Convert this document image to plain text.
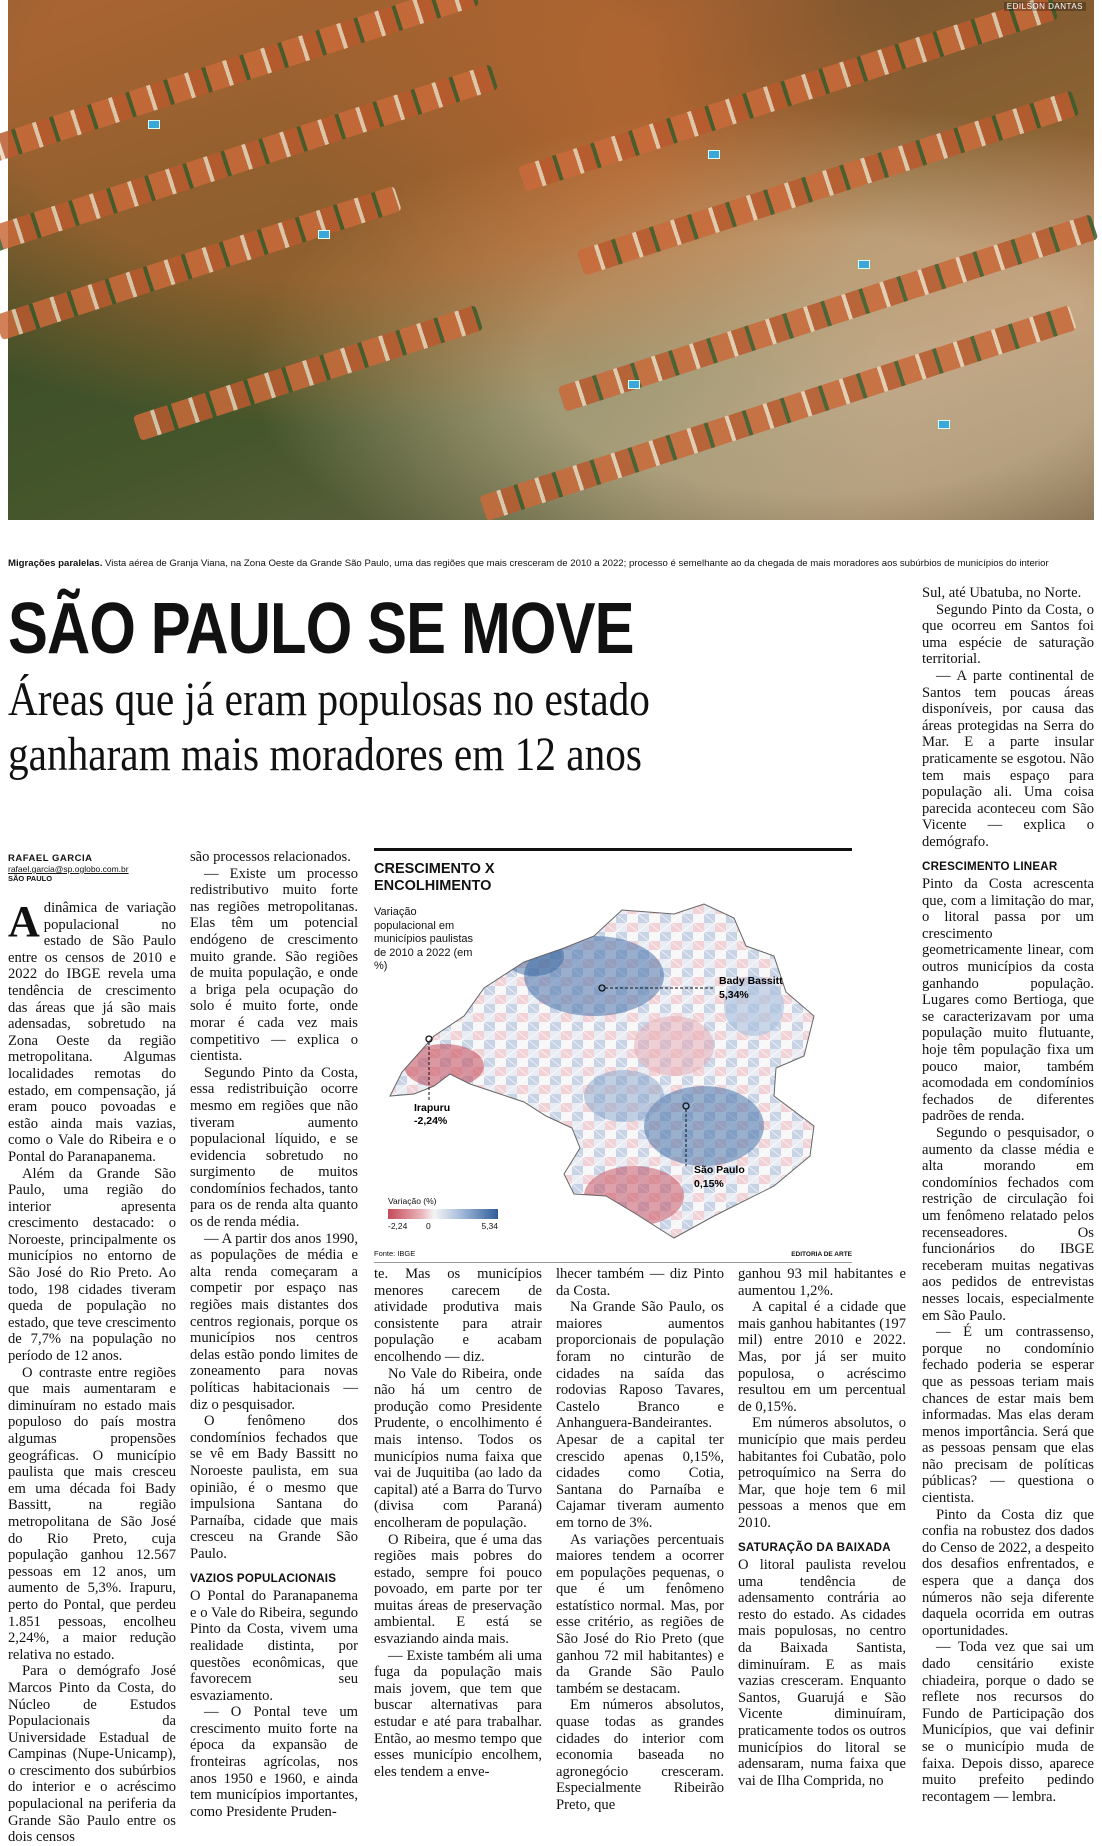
EDILSON DANTAS
Migrações paralelas. Vista aérea de Granja Viana, na Zona Oeste da Grande São Paulo, uma das regiões que mais cresceram de 2010 a 2022; processo é semelhante ao da chegada de mais moradores aos subúrbios de municípios do interior
SÃO PAULO SE MOVE
Áreas que já eram populosas no estado ganharam mais moradores em 12 anos
RAFAEL GARCIA
rafael.garcia@sp.oglobo.com.br
SÃO PAULO

Adinâmica de variação populacional no estado de São Paulo entre os censos de 2010 e 2022 do IBGE revela uma tendência de crescimento das áreas que já são mais adensadas, sobretudo na Zona Oeste da região metropolitana. Algumas localidades remotas do estado, em compensação, já eram pouco povoadas e estão ainda mais vazias, como o Vale do Ribeira e o Pontal do Paranapanema.

Além da Grande São Paulo, uma região do interior apresenta crescimento destacado: o Noroeste, principalmente os municípios no entorno de São José do Rio Preto. Ao todo, 198 cidades tiveram queda de população no estado, que teve crescimento de 7,7% na população no período de 12 anos.

O contraste entre regiões que mais aumentaram e diminuíram no estado mais populoso do país mostra algumas propensões geográficas. O município paulista que mais cresceu em uma década foi Bady Bassitt, na região metropolitana de São José do Rio Preto, cuja população ganhou 12.567 pessoas em 12 anos, um aumento de 5,3%. Irapuru, perto do Pontal, que perdeu 1.851 pessoas, encolheu 2,24%, a maior redução relativa no estado.

Para o demógrafo José Marcos Pinto da Costa, do Núcleo de Estudos Populacionais da Universidade Estadual de Campinas (Nupe-Unicamp), o crescimento dos subúrbios do interior e o acréscimo populacional na periferia da Grande São Paulo entre os dois censos

são processos relacionados.

— Existe um processo redistributivo muito forte nas regiões metropolitanas. Elas têm um potencial endógeno de crescimento muito grande. São regiões de muita população, e onde a briga pela ocupação do solo é muito forte, onde morar é cada vez mais competitivo — explica o cientista.

Segundo Pinto da Costa, essa redistribuição ocorre mesmo em regiões que não tiveram aumento populacional líquido, e se evidencia sobretudo no surgimento de muitos condomínios fechados, tanto para os de renda alta quanto os de renda média.

— A partir dos anos 1990, as populações de média e alta renda começaram a competir por espaço nas regiões mais distantes dos centros regionais, porque os municípios nos centros delas estão pondo limites de zoneamento para novas políticas habitacionais — diz o pesquisador.

O fenômeno dos condomínios fechados que se vê em Bady Bassitt no Noroeste paulista, em sua opinião, é o mesmo que impulsiona Santana do Parnaíba, cidade que mais cresceu na Grande São Paulo.

VAZIOS POPULACIONAIS

O Pontal do Paranapanema e o Vale do Ribeira, segundo Pinto da Costa, vivem uma realidade distinta, por questões econômicas, que favorecem seu esvaziamento.

— O Pontal teve um crescimento muito forte na época da expansão de fronteiras agrícolas, nos anos 1950 e 1960, e ainda tem municípios importantes, como Presidente Pruden-

CRESCIMENTO X ENCOLHIMENTO
Variação populacional em municípios paulistas de 2010 a 2022 (em %)
Bady Bassitt
5,34%
Irapuru
-2,24%
São Paulo
0,15%
Variação (%)
-2,24 0	5,34
Fonte: IBGE	EDITORIA DE ARTE

te. Mas os municípios menores carecem de atividade produtiva mais consistente para atrair população e acabam encolhendo — diz.

No Vale do Ribeira, onde não há um centro de produção como Presidente Prudente, o encolhimento é mais intenso. Todos os municípios numa faixa que vai de Juquitiba (ao lado da capital) até a Barra do Turvo (divisa com Paraná) encolheram de população.

O Ribeira, que é uma das regiões mais pobres do estado, sempre foi pouco povoado, em parte por ter muitas áreas de preservação ambiental. E está se esvaziando ainda mais.

— Existe também ali uma fuga da população mais mais jovem, que tem que buscar alternativas para estudar e até para trabalhar. Então, ao mesmo tempo que esses município encolhem, eles tendem a enve-

lhecer também — diz Pinto da Costa.

Na Grande São Paulo, os maiores aumentos proporcionais de população foram no cinturão de cidades na saída das rodovias Raposo Tavares, Castelo Branco e Anhanguera-Bandeirantes. Apesar de a capital ter crescido apenas 0,15%, cidades como Cotia, Santana do Parnaíba e Cajamar tiveram aumento em torno de 3%.

As variações percentuais maiores tendem a ocorrer em populações pequenas, o que é um fenômeno estatístico normal. Mas, por esse critério, as regiões de São José do Rio Preto (que ganhou 72 mil habitantes) e da Grande São Paulo também se destacam.

Em números absolutos, quase todas as grandes cidades do interior com economia baseada no agronegócio cresceram. Especialmente Ribeirão Preto, que

ganhou 93 mil habitantes e aumentou 1,2%.

A capital é a cidade que mais ganhou habitantes (197 mil) entre 2010 e 2022. Mas, por já ser muito populosa, o acréscimo resultou em um percentual de 0,15%.

Em números absolutos, o município que mais perdeu habitantes foi Cubatão, polo petroquímico na Serra do Mar, que hoje tem 6 mil pessoas a menos que em 2010.

SATURAÇÃO DA BAIXADA

O litoral paulista revelou uma tendência de adensamento contrária ao resto do estado. As cidades mais populosas, no centro da Baixada Santista, diminuíram. E as mais vazias cresceram. Enquanto Santos, Guarujá e São Vicente diminuíram, praticamente todos os outros municípios do litoral se adensaram, numa faixa que vai de Ilha Comprida, no

Sul, até Ubatuba, no Norte.

Segundo Pinto da Costa, o que ocorreu em Santos foi uma espécie de saturação territorial.

— A parte continental de Santos tem poucas áreas disponíveis, por causa das áreas protegidas na Serra do Mar. E a parte insular praticamente se esgotou. Não tem mais espaço para população ali. Uma coisa parecida aconteceu com São Vicente — explica o demógrafo.

CRESCIMENTO LINEAR

Pinto da Costa acrescenta que, com a limitação do mar, o litoral passa por um crescimento geometricamente linear, com outros municípios da costa ganhando população. Lugares como Bertioga, que se caracterizavam por uma população muito flutuante, hoje têm população fixa um pouco maior, também acomodada em condomínios fechados de diferentes padrões de renda.

Segundo o pesquisador, o aumento da classe média e alta morando em condomínios fechados com restrição de circulação foi um fenômeno relatado pelos recenseadores. Os funcionários do IBGE receberam muitas negativas aos pedidos de entrevistas nesses locais, especialmente em São Paulo.

— É um contrassenso, porque no condomínio fechado poderia se esperar que as pessoas teriam mais chances de estar mais bem informadas. Mas elas deram menos importância. Será que as pessoas pensam que elas não precisam de políticas públicas? — questiona o cientista.

Pinto da Costa diz que confia na robustez dos dados do Censo de 2022, a despeito dos desafios enfrentados, e espera que a dança dos números não seja diferente daquela ocorrida em outras oportunidades.

— Toda vez que sai um dado censitário existe chiadeira, porque o dado se reflete nos recursos do Fundo de Participação dos Municípios, que vai definir se o município muda de faixa. Depois disso, aparece muito prefeito pedindo recontagem — lembra.
